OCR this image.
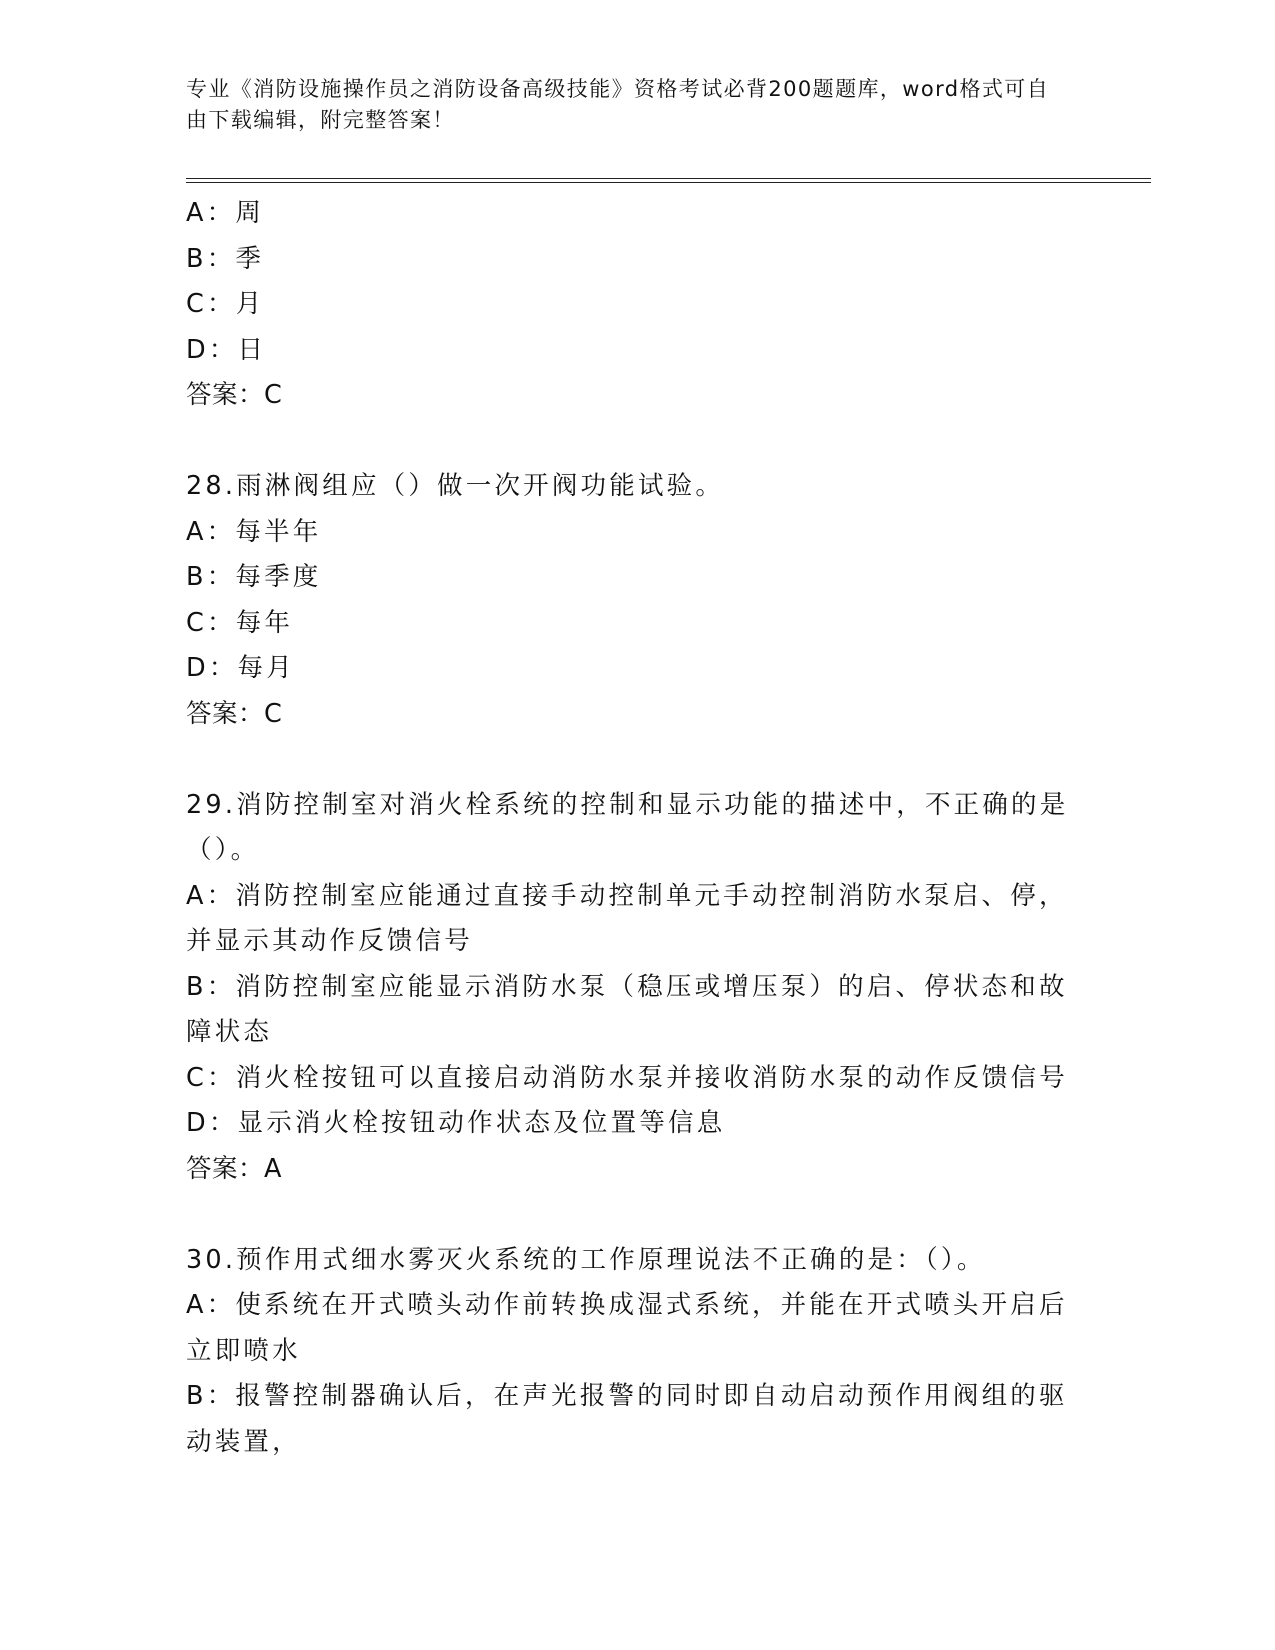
专业《消防设施操作员之消防设备高级技能》资格考试必背200题题库，word格式可自由下载编辑，附完整答案！
A：周
B：季
C：月
D：日
答案：C
28.雨淋阀组应（）做一次开阀功能试验。
A：每半年
B：每季度
C：每年
D：每月
答案：C
29.消防控制室对消火栓系统的控制和显示功能的描述中，不正确的是
（）。
A：消防控制室应能通过直接手动控制单元手动控制消防水泵启、停，
并显示其动作反馈信号
B：消防控制室应能显示消防水泵（稳压或增压泵）的启、停状态和故
障状态
C：消火栓按钮可以直接启动消防水泵并接收消防水泵的动作反馈信号
D：显示消火栓按钮动作状态及位置等信息
答案：A
30.预作用式细水雾灭火系统的工作原理说法不正确的是：（）。
A：使系统在开式喷头动作前转换成湿式系统，并能在开式喷头开启后
立即喷水
B：报警控制器确认后，在声光报警的同时即自动启动预作用阀组的驱
动装置，
